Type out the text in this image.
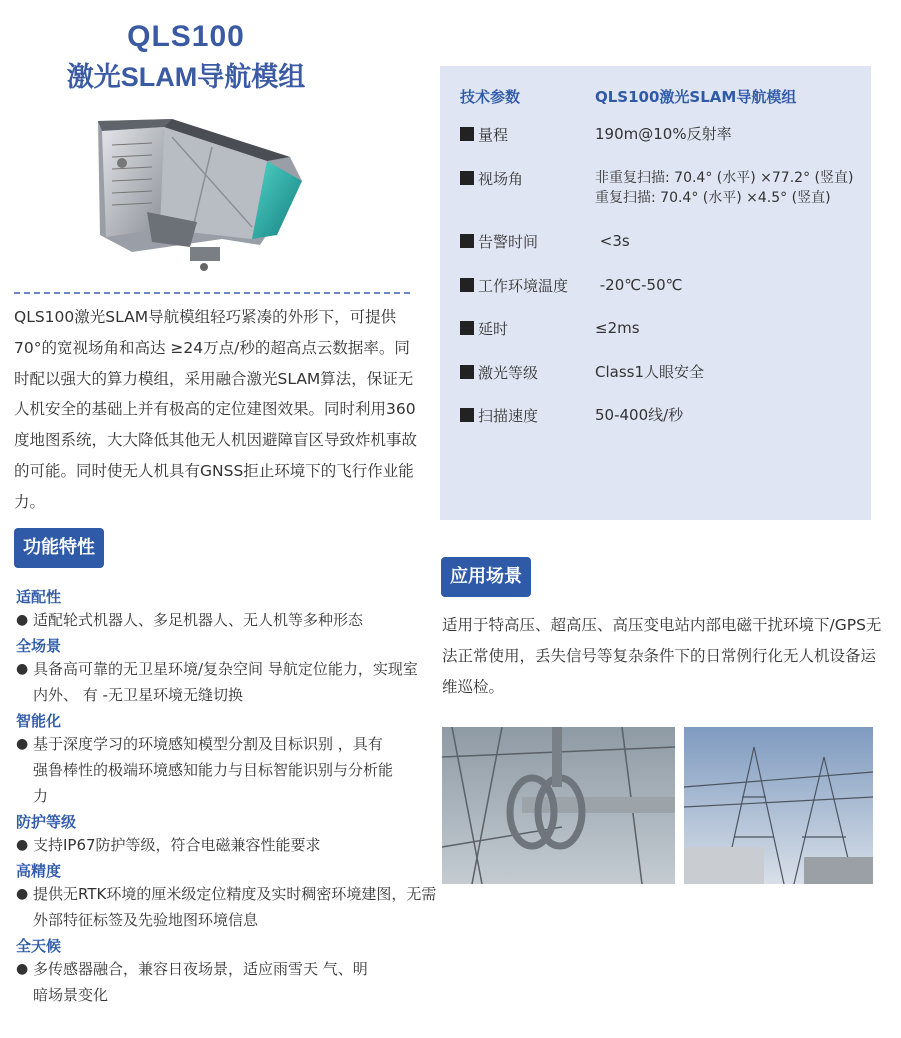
QLS100
激光SLAM导航模组
QLS100激光SLAM导航模组轻巧紧凑的外形下，可提供70°的宽视场角和高达 ≥24万点/秒的超高点云数据率。同时配以强大的算力模组，采用融合激光SLAM算法，保证无人机安全的基础上并有极高的定位建图效果。同时利用360度地图系统，大大降低其他无人机因避障盲区导致炸机事故的可能。同时使无人机具有GNSS拒止环境下的飞行作业能力。
功能特性
适配性
● 适配轮式机器人、多足机器人、无人机等多种形态
全场景
● 具备高可靠的无卫星环境/复杂空间 导航定位能力，实现室内外、 有 -无卫星环境无缝切换
智能化
● 基于深度学习的环境感知模型分割及目标识别 ，具有强鲁棒性的极端环境感知能力与目标智能识别与分析能力
防护等级
● 支持IP67防护等级，符合电磁兼容性能要求
高精度
● 提供无RTK环境的厘米级定位精度及实时稠密环境建图，无需外部特征标签及先验地图环境信息
全天候
● 多传感器融合，兼容日夜场景，适应雨雪天 气、明暗场景变化
技术参数	QLS100激光SLAM导航模组
量程	190m@10%反射率
视场角	非重复扫描: 70.4° (水平) ×77.2° (竖直)
重复扫描: 70.4° (水平) ×4.5° (竖直)
告警时间	<3s
工作环境温度 -20℃-50℃
延时	≤2ms
激光等级	Class1人眼安全
扫描速度	50-400线/秒
应用场景
适用于特高压、超高压、高压变电站内部电磁干扰环境下/GPS无法正常使用，丢失信号等复杂条件下的日常例行化无人机设备运维巡检。
